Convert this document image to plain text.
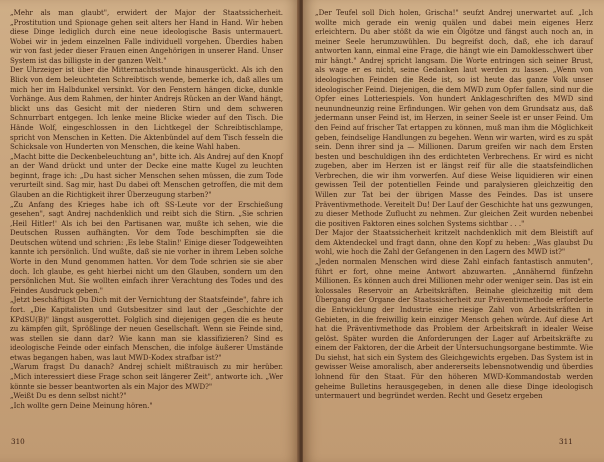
„Mehr als man glaubt", erwidert der Major der Staatssicherheit. „Prostitution und Spionage gehen seit alters her Hand in Hand. Wir heben diese Dinge lediglich durch eine neue ideologische Basis untermauert. Wobei wir in jedem einzelnen Falle individuell vorgehen. Überdies haben wir von fast jeder dieser Frauen einen Angehörigen in unserer Hand. Unser System ist das billigste in der ganzen Welt."

Der Uhrzeiger ist über die Mitternachtsstunde hinausgerückt. Als ich den Blick von dem beleuchteten Schreibtisch wende, bemerke ich, daß alles um mich her im Halbdunkel versinkt. Vor den Fenstern hängen dicke, dunkle Vorhänge. Aus dem Rahmen, der hinter Andrejs Rücken an der Wand hängt, blickt uns das Gesicht mit der niederen Stirn und dem schweren Schnurrbart entgegen. Ich lenke meine Blicke wieder auf den Tisch. Die Hände Wolf, eingeschlossen in den Lichtkegel der Schreibtischlampe, spricht von Menschen in Ketten. Die Aktenbündel auf dem Tisch fesseln die Schicksale von Hunderten von Menschen, die keine Wahl haben.

„Macht bitte die Deckenbeleuchtung an", bitte ich. Als Andrej auf den Knopf an der Wand drückt und unter der Decke eine matte Kugel zu leuchten beginnt, frage ich: „Du hast sicher Menschen sehen müssen, die zum Tode verurteilt sind. Sag mir, hast Du dabei oft Menschen getroffen, die mit dem Glauben an die Richtigkeit ihrer Überzeugung starben?"

„Zu Anfang des Krieges habe ich oft SS-Leute vor der Erschießung gesehen", sagt Andrej nachdenklich und reibt sich die Stirn. „Sie schrien ‚Heil Hitler!' Als ich bei den Partisanen war, mußte ich sehen, wie die Deutschen Russen aufhängten. Vor dem Tode beschimpften sie die Deutschen wütend und schrien: ‚Es lebe Stalin!' Einige dieser Todgeweihten kannte ich persönlich. Und wußte, daß sie nie vorher in ihrem Leben solche Worte in den Mund genommen hatten. Vor dem Tode schrien sie sie aber doch. Ich glaube, es geht hierbei nicht um den Glauben, sondern um den persönlichen Mut. Sie wollten einfach ihrer Verachtung des Todes und des Feindes Ausdruck geben."

„Jetzt beschäftigst Du Dich mit der Vernichtung der Staatsfeinde", fahre ich fort. „Die Kapitalisten und Gutsbesitzer sind laut der „Geschichte der KPdSU(B)" längst ausgerottet. Folglich sind diejenigen gegen die es heute zu kämpfen gilt, Sprößlinge der neuen Gesellschaft. Wenn sie Feinde sind, was stellen sie dann dar? Wie kann man sie klassifizieren? Sind es ideologische Feinde oder einfach Menschen, die infolge äußerer Umstände etwas begangen haben, was laut MWD-Kodex strafbar ist?"

„Warum fragst Du danach? Andrej schielt mißtrauisch zu mir herüber. „Mich interessiert diese Frage schon seit längerer Zeit", antworte ich. „Wer könnte sie besser beantworten als ein Major des MWD?"

„Weißt Du es denn selbst nicht?"

„Ich wollte gern Deine Meinung hören."

310

„Der Teufel soll Dich holen, Grischa!" seufzt Andrej unerwartet auf. „Ich wollte mich gerade ein wenig quälen und dabei mein eigenes Herz erleichtern. Du aber stößt da wie ein Ölgötze und fängst auch noch an, in meiner Seele herumzuwühlen. Du begreifst doch, daß, ehe ich darauf antworten kann, einmal eine Frage, die hängt wie ein Damoklesschwert über mir hängt." Andrej spricht langsam. Die Worte entringen sich seiner Brust, als wage er es nicht, seine Gedanken laut werden zu lassen. „Wenn von ideologischen Feinden die Rede ist, so ist heute das ganze Volk unser ideologischer Feind. Diejenigen, die dem MWD zum Opfer fallen, sind nur die Opfer eines Lotteriespiels. Von hundert Anklageschriften des MWD sind neunundneunzig reine Erfindungen. Wir gehen von dem Grundsatz aus, daß jedermann unser Feind ist, im Herzen, in seiner Seele ist er unser Feind. Um den Feind auf frischer Tat ertappen zu können, muß man ihm die Möglichkeit geben, feindselige Handlungen zu begehen. Wenn wir warten, wird es zu spät sein. Denn ihrer sind ja — Millionen. Darum greifen wir nach dem Ersten besten und beschuldigen ihn des erdichteten Verbrechens. Er wird es nicht zugeben, aber im Herzen ist er längst reif für alle die staatsfeindlichen Verbrechen, die wir ihm vorwerfen. Auf diese Weise liquidieren wir einen gewissen Teil der potentiellen Feinde und paralysieren gleichzeitig den Willen zur Tat bei der übrigen Masse des Feindes. Das ist unsere Präventivmethode. Vereitelt Du! Der Lauf der Geschichte hat uns gezwungen, zu dieser Methode Zuflucht zu nehmen. Zur gleichen Zeit wurden nebenbei die positiven Faktoren eines solchen Systems sichtbar . . ."

Der Major der Staatssicherheit kritzelt nachdenklich mit dem Bleistift auf dem Aktendeckel und fragt dann, ohne den Kopf zu heben: „Was glaubst Du wohl, wie hoch die Zahl der Gefangenen in den Lagern des MWD ist?"

„Jeden normalen Menschen wird diese Zahl einfach fantastisch anmuten", führt er fort, ohne meine Antwort abzuwarten. „Annähernd fünfzehn Millionen. Es können auch drei Millionen mehr oder weniger sein. Das ist ein kolossales Reservoir an Arbeitskräften. Beinahe gleichzeitig mit dem Übergang der Organe der Staatssicherheit zur Präventivmethode erforderte die Entwicklung der Industrie eine riesige Zahl von Arbeitskräften in Gebieten, in die freiwillig kein einziger Mensch gehen würde. Auf diese Art hat die Präventivmethode das Problem der Arbeitskraft in idealer Weise gelöst. Später wurden die Anforderungen der Lager auf Arbeitskräfte zu einem der Faktoren, der die Arbeit der Untersuchungsorgane bestimmte. Wie Du siehst, hat sich ein System des Gleichgewichts ergeben. Das System ist in gewisser Weise amoralisch, aber andererseits lebensnotwendig und überdies lohnend für den Staat. Für den höheren MWD-Kommandostab werden geheime Bulletins herausgegeben, in denen alle diese Dinge ideologisch untermauert und begründet werden. Recht und Gesetz ergeben

311
